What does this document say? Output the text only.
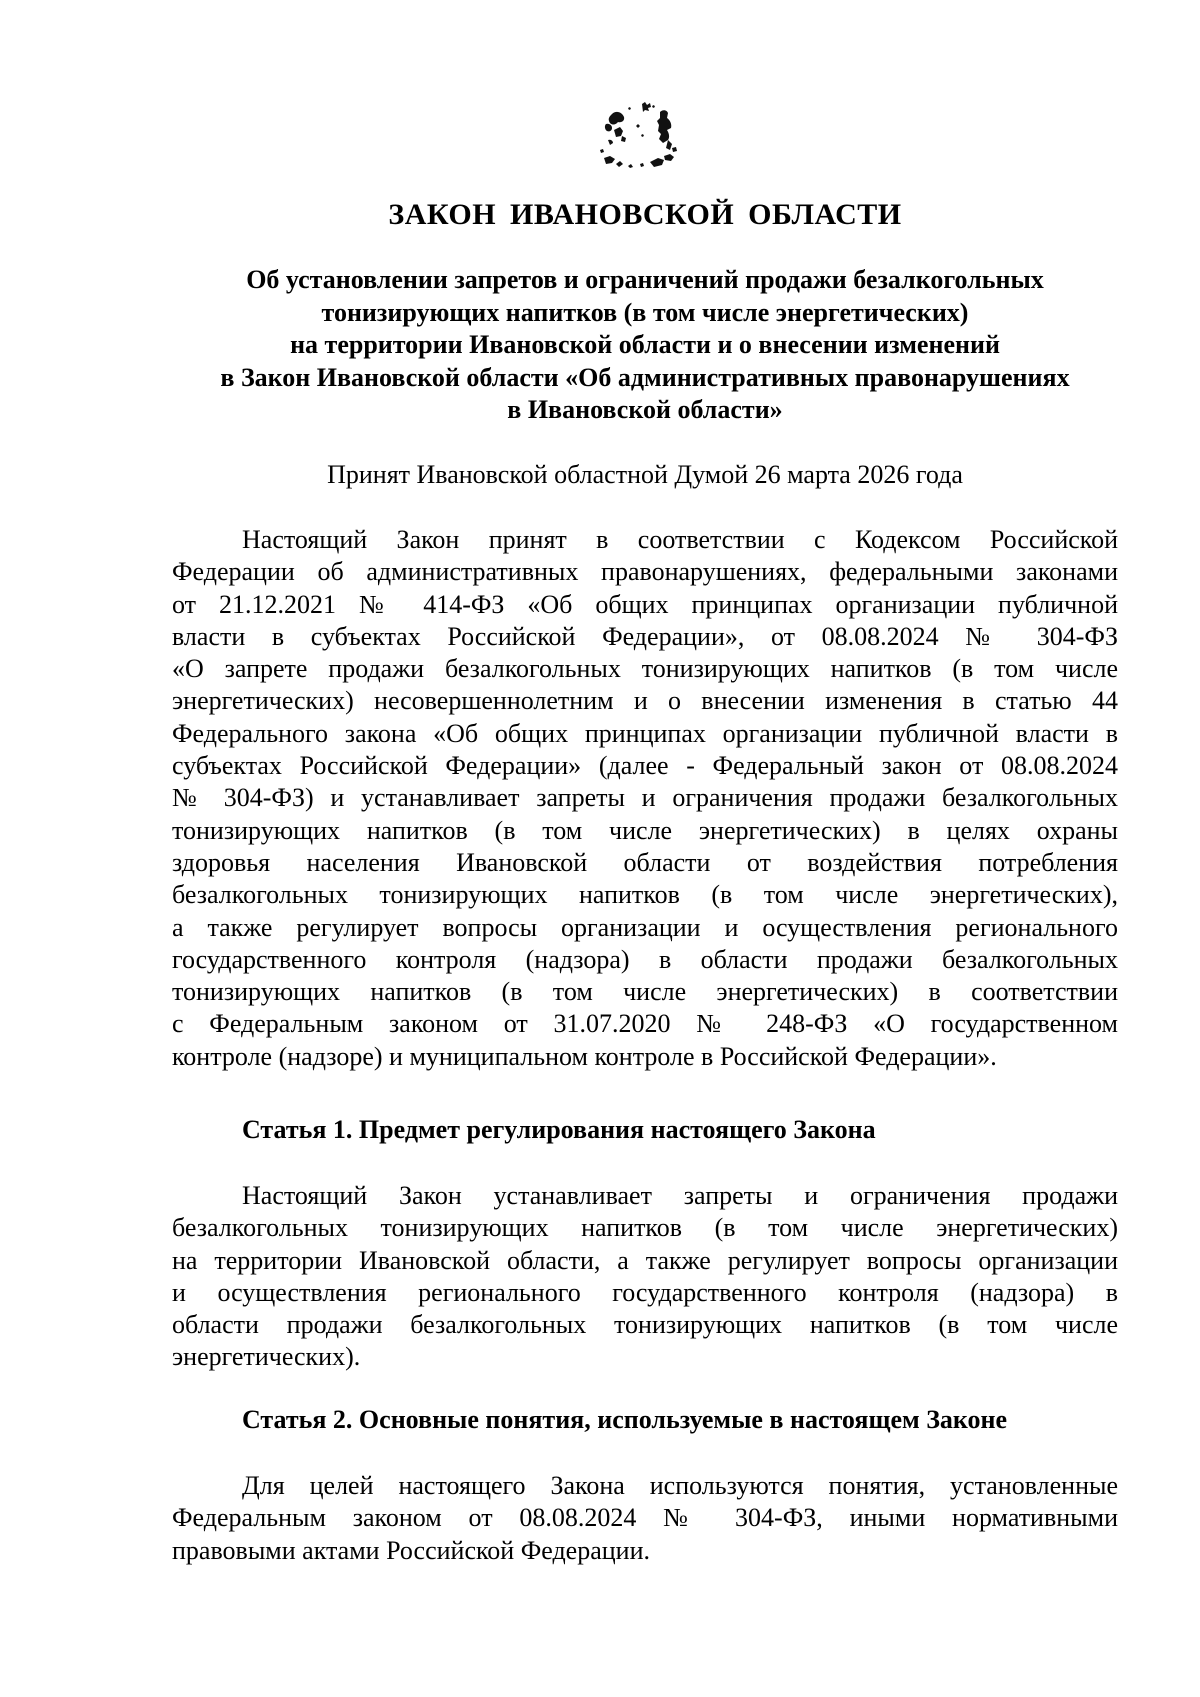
ЗАКОН ИВАНОВСКОЙ ОБЛАСТИ
Об установлении запретов и ограничений продажи безалкогольных
тонизирующих напитков (в том числе энергетических)
на территории Ивановской области и о внесении изменений
в Закон Ивановской области «Об административных правонарушениях
в Ивановской области»

Принят Ивановской областной Думой 26 марта 2026 года

Настоящий Закон принят в соответствии с Кодексом Российской
Федерации об административных правонарушениях, федеральными законами
от 21.12.2021 № 414-ФЗ «Об общих принципах организации публичной
власти в субъектах Российской Федерации», от 08.08.2024 № 304-ФЗ
«О запрете продажи безалкогольных тонизирующих напитков (в том числе
энергетических) несовершеннолетним и о внесении изменения в статью 44
Федерального закона «Об общих принципах организации публичной власти в
субъектах Российской Федерации» (далее - Федеральный закон от 08.08.2024
№ 304-ФЗ) и устанавливает запреты и ограничения продажи безалкогольных
тонизирующих напитков (в том числе энергетических) в целях охраны
здоровья населения Ивановской области от воздействия потребления
безалкогольных тонизирующих напитков (в том числе энергетических),
а также регулирует вопросы организации и осуществления регионального
государственного контроля (надзора) в области продажи безалкогольных
тонизирующих напитков (в том числе энергетических) в соответствии
с Федеральным законом от 31.07.2020 № 248-ФЗ «О государственном
контроле (надзоре) и муниципальном контроле в Российской Федерации».
Статья 1. Предмет регулирования настоящего Закона
Настоящий Закон устанавливает запреты и ограничения продажи
безалкогольных тонизирующих напитков (в том числе энергетических)
на территории Ивановской области, а также регулирует вопросы организации
и осуществления регионального государственного контроля (надзора) в
области продажи безалкогольных тонизирующих напитков (в том числе
энергетических).
Статья 2. Основные понятия, используемые в настоящем Законе
Для целей настоящего Закона используются понятия, установленные
Федеральным законом от 08.08.2024 № 304-ФЗ, иными нормативными
правовыми актами Российской Федерации.
